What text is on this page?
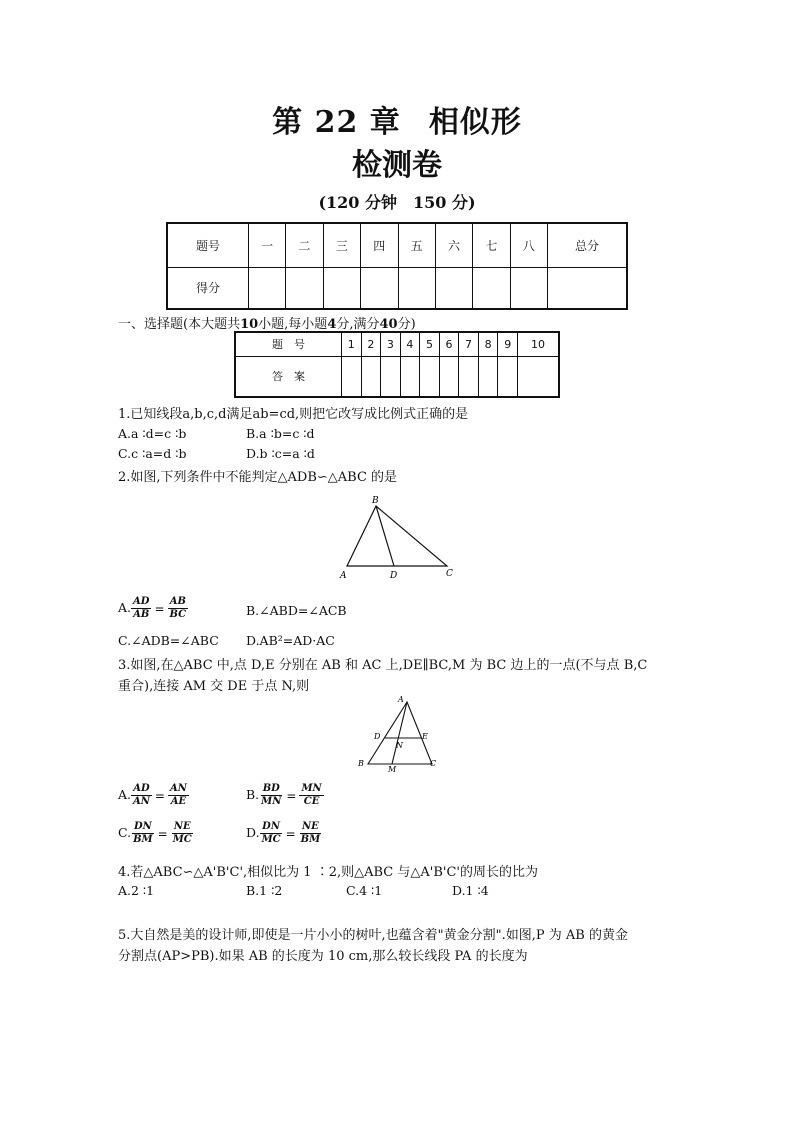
第 22 章 相似形
检测卷
(120 分钟　150 分)
题号	一	二	三	四	五	六	七	八	总分
得分									
一、选择题(本大题共10小题,每小题4分,满分40分)
题　号	1	2	3	4	5	6	7	8	9	10
答　案										
1.已知线段a,b,c,d满足ab=cd,则把它改写成比例式正确的是
A.a ∶d=c ∶b	B.a ∶b=c ∶d
C.c ∶a=d ∶b	D.b ∶c=a ∶d
2.如图,下列条件中不能判定△ADB∽△ABC 的是
B
A	D	C
A. $\frac{AD}{AB} = \frac{AB}{BC}$	B.∠ABD=∠ACB
C.∠ADB=∠ABC D.AB²=AD·AC
3.如图,在△ABC 中,点 D,E 分别在 AB 和 AC 上,DE∥BC,M 为 BC 边上的一点(不与点 B,C
重合),连接 AM 交 DE 于点 N,则
A
D	E
N
B
M
C
A. $\frac{AD}{AN} = \frac{AN}{AE}$	B. $\frac{BD}{MN} = \frac{MN}{CE}$
C. $\frac{DN}{BM} = \frac{NE}{MC}$	D. $\frac{DN}{MC} = \frac{NE}{BM}$
4.若△ABC∽△A'B'C',相似比为 1 ∶2,则△ABC 与△A'B'C'的周长的比为
A.2 ∶1	B.1 ∶2	C.4 ∶1	D.1 ∶4
5.大自然是美的设计师,即使是一片小小的树叶,也蕴含着"黄金分割".如图,P 为 AB 的黄金
分割点(AP>PB).如果 AB 的长度为 10 cm,那么较长线段 PA 的长度为
